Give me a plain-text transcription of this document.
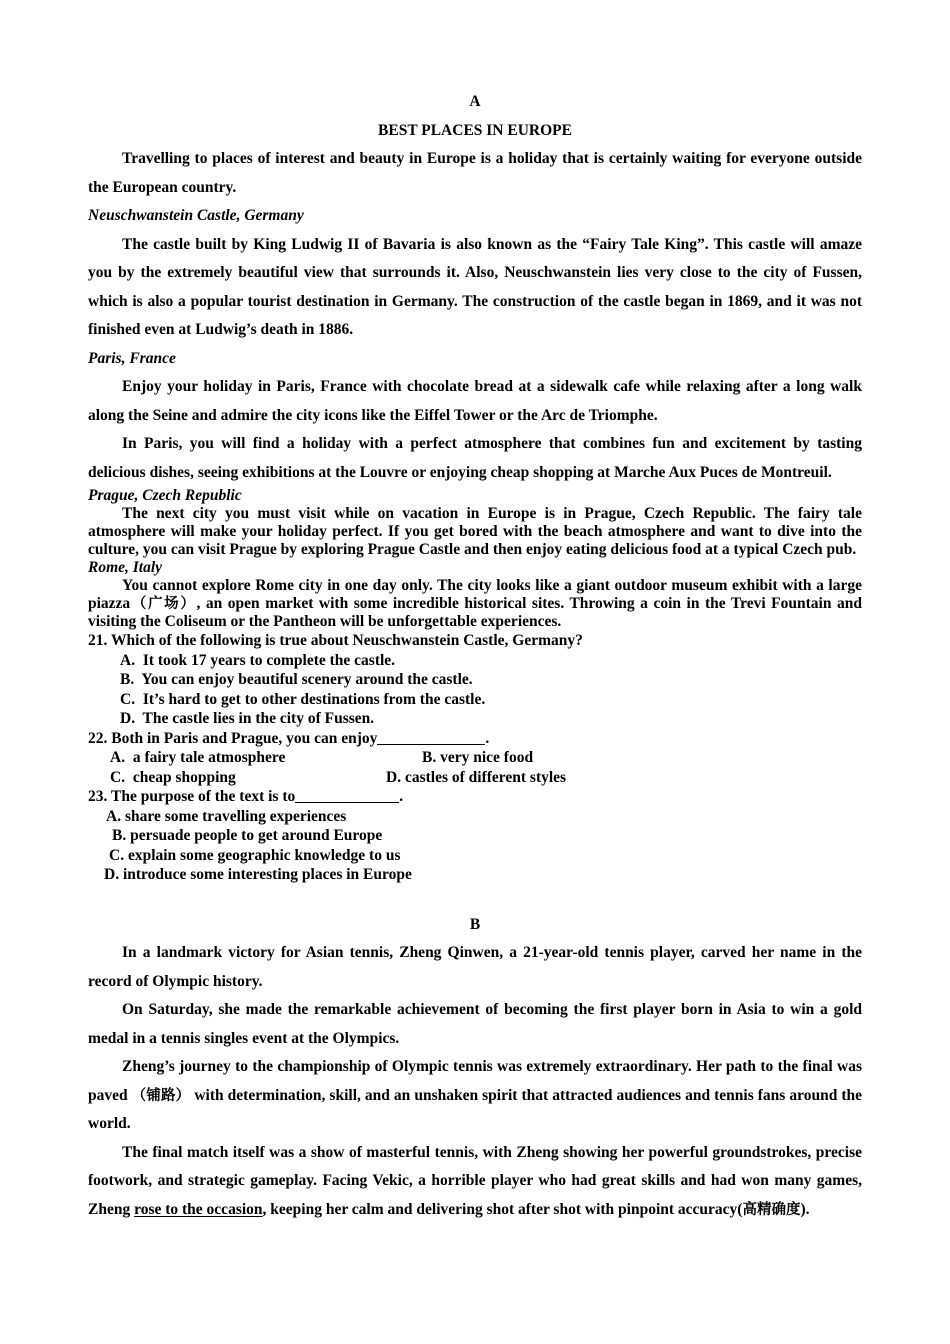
A
BEST PLACES IN EUROPE

Travelling to places of interest and beauty in Europe is a holiday that is certainly waiting for everyone outside the European country.

Neuschwanstein Castle, Germany

The castle built by King Ludwig II of Bavaria is also known as the “Fairy Tale King”. This castle will amaze you by the extremely beautiful view that surrounds it. Also, Neuschwanstein lies very close to the city of Fussen, which is also a popular tourist destination in Germany. The construction of the castle began in 1869, and it was not finished even at Ludwig’s death in 1886.

Paris, France

Enjoy your holiday in Paris, France with chocolate bread at a sidewalk cafe while relaxing after a long walk along the Seine and admire the city icons like the Eiffel Tower or the Arc de Triomphe.

In Paris, you will find a holiday with a perfect atmosphere that combines fun and excitement by tasting delicious dishes, seeing exhibitions at the Louvre or enjoying cheap shopping at Marche Aux Puces de Montreuil.

Prague, Czech Republic

The next city you must visit while on vacation in Europe is in Prague, Czech Republic. The fairy tale atmosphere will make your holiday perfect. If you get bored with the beach atmosphere and want to dive into the culture, you can visit Prague by exploring Prague Castle and then enjoy eating delicious food at a typical Czech pub.

Rome, Italy

You cannot explore Rome city in one day only. The city looks like a giant outdoor museum exhibit with a large piazza（广场）, an open market with some incredible historical sites. Throwing a coin in the Trevi Fountain and visiting the Coliseum or the Pantheon will be unforgettable experiences.

21. Which of the following is true about Neuschwanstein Castle, Germany?
A.  It took 17 years to complete the castle.
B.  You can enjoy beautiful scenery around the castle.
C.  It’s hard to get to other destinations from the castle.
D.  The castle lies in the city of Fussen.
22. Both in Paris and Prague, you can enjoy	.
A.  a fairy tale atmosphere	B. very nice food
C.  cheap shopping	D. castles of different styles
23. The purpose of the text is to	.
A. share some travelling experiences
B. persuade people to get around Europe
C. explain some geographic knowledge to us
D. introduce some interesting places in Europe
B

In a landmark victory for Asian tennis, Zheng Qinwen, a 21-year-old tennis player, carved her name in the record of Olympic history.

On Saturday, she made the remarkable achievement of becoming the first player born in Asia to win a gold medal in a tennis singles event at the Olympics.

Zheng’s journey to the championship of Olympic tennis was extremely extraordinary. Her path to the final was paved （铺路） with determination, skill, and an unshaken spirit that attracted audiences and tennis fans around the world.

The final match itself was a show of masterful tennis, with Zheng showing her powerful groundstrokes, precise footwork, and strategic gameplay. Facing Vekic, a horrible player who had great skills and had won many games, Zheng rose to the occasion, keeping her calm and delivering shot after shot with pinpoint accuracy(高精确度).
